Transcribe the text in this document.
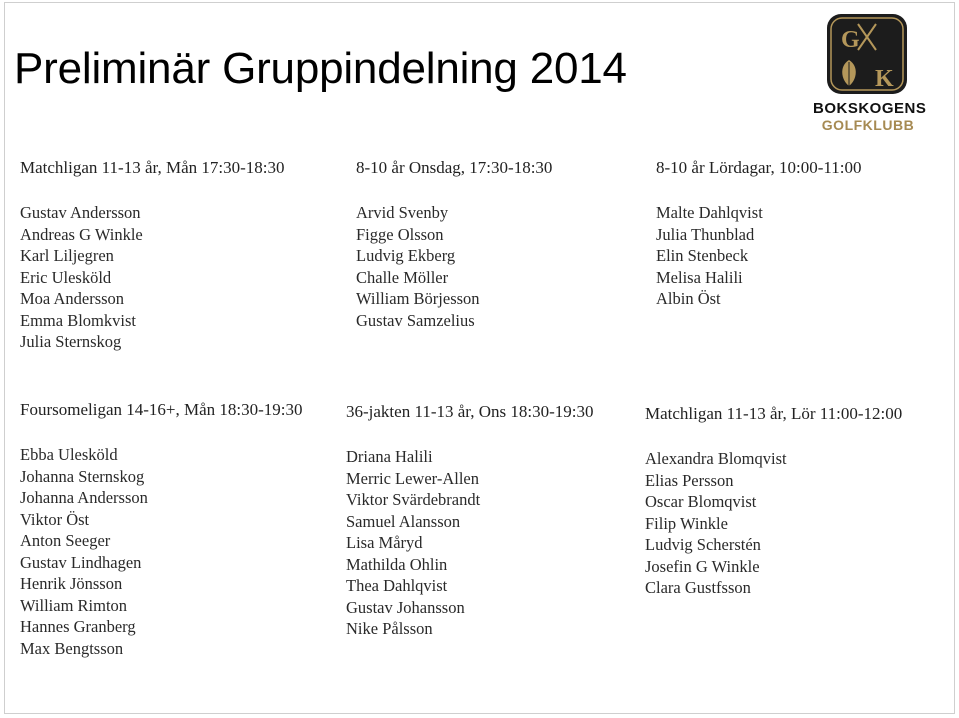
Preliminär Gruppindelning 2014
G
K
BOKSKOGENS
GOLFKLUBB
Matchligan 11-13 år, Mån 17:30-18:30
Gustav Andersson
Andreas G Winkle
Karl Liljegren
Eric Ulesköld
Moa Andersson
Emma Blomkvist
Julia Sternskog
8-10 år Onsdag, 17:30-18:30
Arvid Svenby
Figge Olsson
Ludvig Ekberg
Challe Möller
William Börjesson
Gustav Samzelius
8-10 år Lördagar, 10:00-11:00
Malte Dahlqvist
Julia Thunblad
Elin Stenbeck
Melisa Halili
Albin Öst
Foursomeligan 14-16+, Mån 18:30-19:30
Ebba Ulesköld
Johanna Sternskog
Johanna Andersson
Viktor Öst
Anton Seeger
Gustav Lindhagen
Henrik Jönsson
William Rimton
Hannes Granberg
Max Bengtsson
36-jakten 11-13 år, Ons 18:30-19:30
Driana Halili
Merric Lewer-Allen
Viktor Svärdebrandt
Samuel Alansson
Lisa Måryd
Mathilda Ohlin
Thea Dahlqvist
Gustav Johansson
Nike Pålsson
Matchligan 11-13 år, Lör 11:00-12:00
Alexandra Blomqvist
Elias Persson
Oscar Blomqvist
Filip Winkle
Ludvig Scherstén
Josefin G Winkle
Clara Gustfsson
